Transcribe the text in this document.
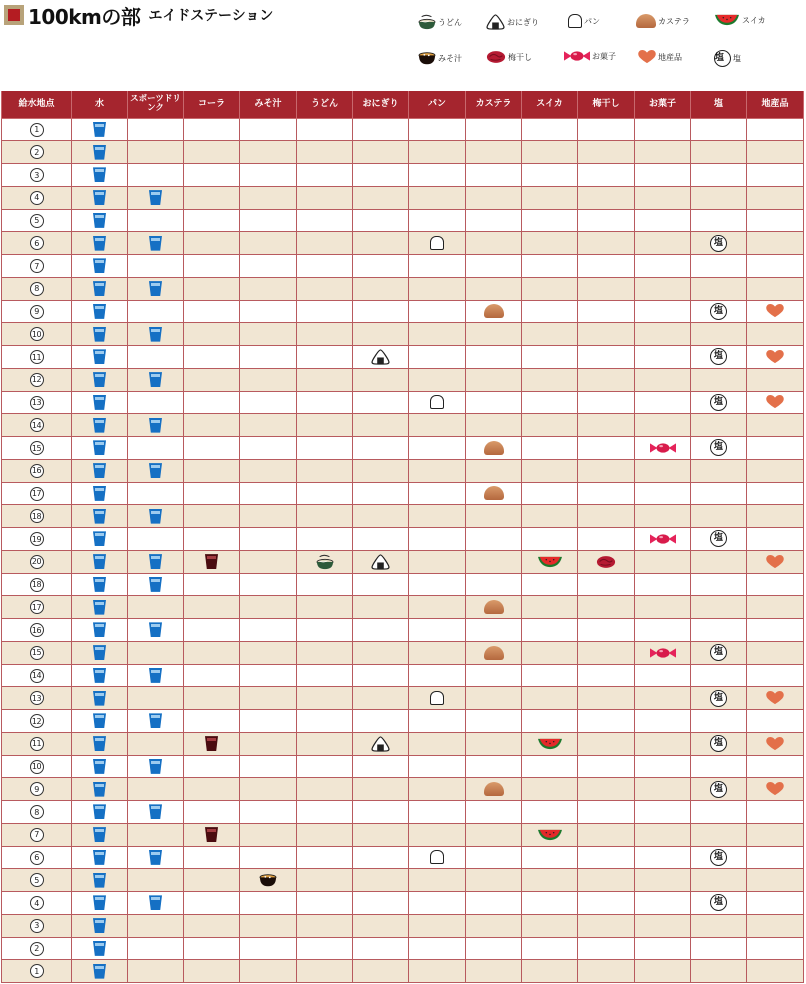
100kmの部 エイドステーション	うどん	おにぎり	パン	カステラ	スイカ
みそ汁	梅干し	お菓子	地産品	塩	塩
給水地点	水	スポーツドリンク	コーラ	みそ汁	うどん	おにぎり	パン	カステラ	スイカ	梅干し	お菓子	塩	地産品
1													
2													
3													
4													
5													
6												塩	
7													
8													
9												塩	
10													
11												塩	
12													
13												塩	
14													
15												塩	
16													
17													
18													
19												塩	
20													
18													
17													
16													
15												塩	
14													
13												塩	
12													
11												塩	
10													
9												塩	
8													
7													
6												塩	
5													
4												塩	
3													
2													
1													
